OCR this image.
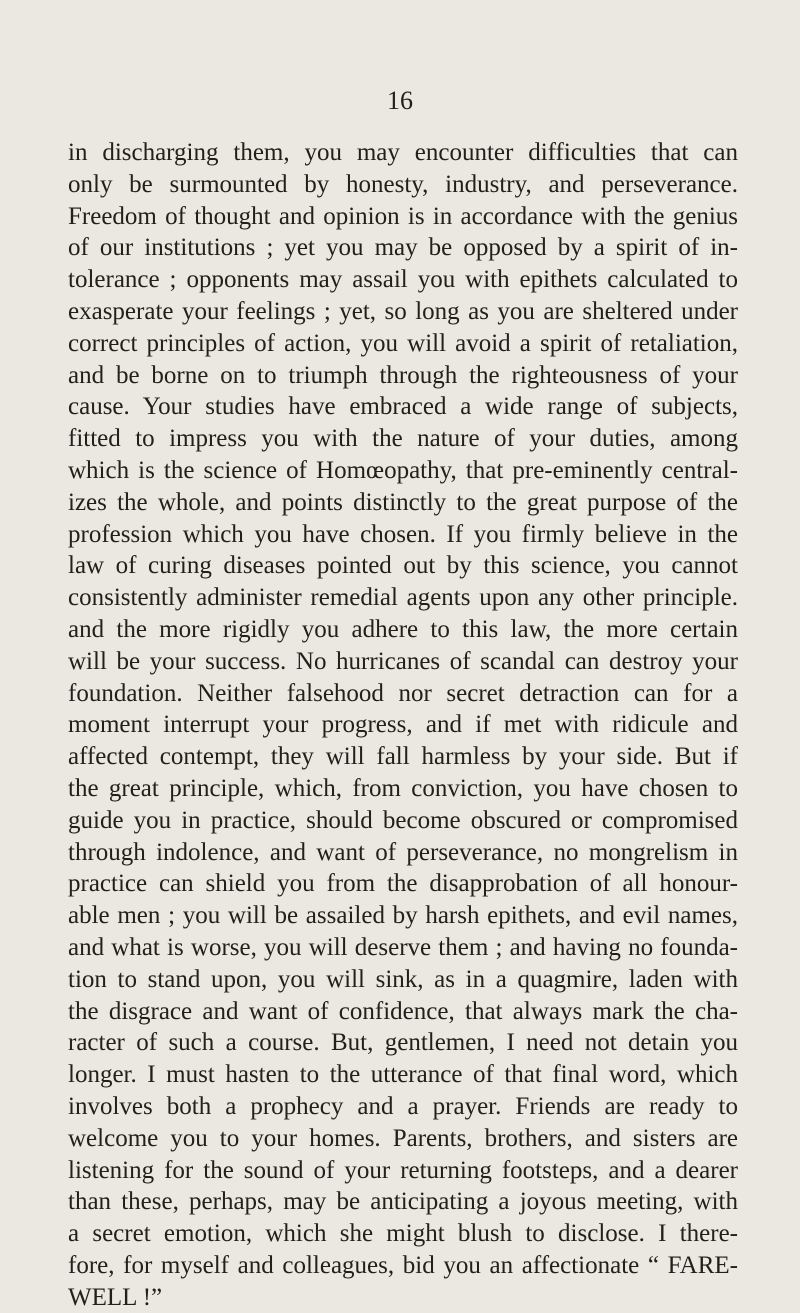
16
in discharging them, you may encounter difficulties that can
only be surmounted by honesty, industry, and perseverance.
Freedom of thought and opinion is in accordance with the genius
of our institutions ; yet you may be opposed by a spirit of in-
tolerance ; opponents may assail you with epithets calculated to
exasperate your feelings ; yet, so long as you are sheltered under
correct principles of action, you will avoid a spirit of retaliation,
and be borne on to triumph through the righteousness of your
cause. Your studies have embraced a wide range of subjects,
fitted to impress you with the nature of your duties, among
which is the science of Homœopathy, that pre-eminently central-
izes the whole, and points distinctly to the great purpose of the
profession which you have chosen. If you firmly believe in the
law of curing diseases pointed out by this science, you cannot
consistently administer remedial agents upon any other principle.
and the more rigidly you adhere to this law, the more certain
will be your success. No hurricanes of scandal can destroy your
foundation. Neither falsehood nor secret detraction can for a
moment interrupt your progress, and if met with ridicule and
affected contempt, they will fall harmless by your side. But if
the great principle, which, from conviction, you have chosen to
guide you in practice, should become obscured or compromised
through indolence, and want of perseverance, no mongrelism in
practice can shield you from the disapprobation of all honour-
able men ; you will be assailed by harsh epithets, and evil names,
and what is worse, you will deserve them ; and having no founda-
tion to stand upon, you will sink, as in a quagmire, laden with
the disgrace and want of confidence, that always mark the cha-
racter of such a course. But, gentlemen, I need not detain you
longer. I must hasten to the utterance of that final word, which
involves both a prophecy and a prayer. Friends are ready to
welcome you to your homes. Parents, brothers, and sisters are
listening for the sound of your returning footsteps, and a dearer
than these, perhaps, may be anticipating a joyous meeting, with
a secret emotion, which she might blush to disclose. I there-
fore, for myself and colleagues, bid you an affectionate “ FARE-
WELL !”
